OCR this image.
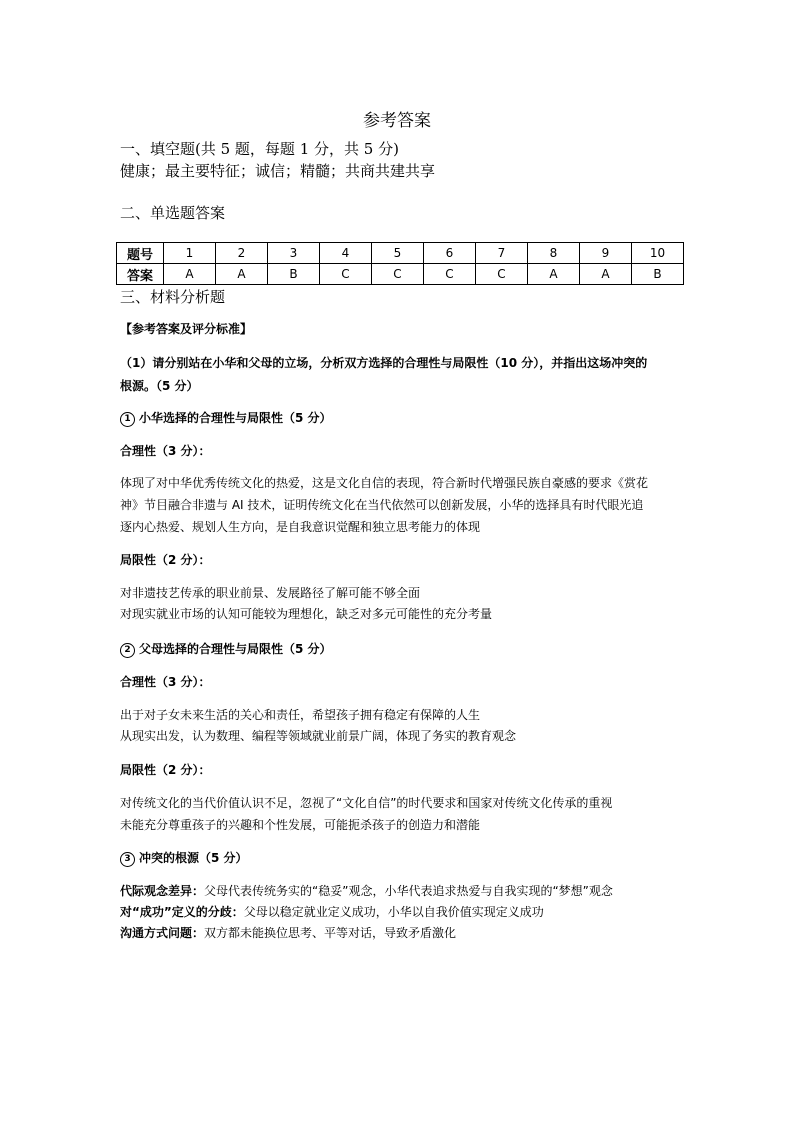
参考答案
一、填空题(共 5 题，每题 1 分，共 5 分)
健康；最主要特征；诚信；精髓；共商共建共享
二、单选题答案
题号	1	2	3	4	5	6	7	8	9	10
答案	A	A	B	C	C	C	C	A	A	B
三、材料分析题
【参考答案及评分标准】
（1）请分别站在小华和父母的立场，分析双方选择的合理性与局限性（10 分），并指出这场冲突的
根源。（5 分）
1 小华选择的合理性与局限性（5 分）
合理性（3 分）：
体现了对中华优秀传统文化的热爱，这是文化自信的表现，符合新时代增强民族自豪感的要求《赏花
神》节目融合非遗与 AI 技术，证明传统文化在当代依然可以创新发展，小华的选择具有时代眼光追
逐内心热爱、规划人生方向，是自我意识觉醒和独立思考能力的体现
局限性（2 分）：
对非遗技艺传承的职业前景、发展路径了解可能不够全面
对现实就业市场的认知可能较为理想化，缺乏对多元可能性的充分考量
2 父母选择的合理性与局限性（5 分）
合理性（3 分）：
出于对子女未来生活的关心和责任，希望孩子拥有稳定有保障的人生
从现实出发，认为数理、编程等领域就业前景广阔，体现了务实的教育观念
局限性（2 分）：
对传统文化的当代价值认识不足，忽视了“文化自信”的时代要求和国家对传统文化传承的重视
未能充分尊重孩子的兴趣和个性发展，可能扼杀孩子的创造力和潜能
3 冲突的根源（5 分）
代际观念差异：父母代表传统务实的“稳妥”观念，小华代表追求热爱与自我实现的“梦想”观念
对“成功”定义的分歧：父母以稳定就业定义成功，小华以自我价值实现定义成功
沟通方式问题：双方都未能换位思考、平等对话，导致矛盾激化
